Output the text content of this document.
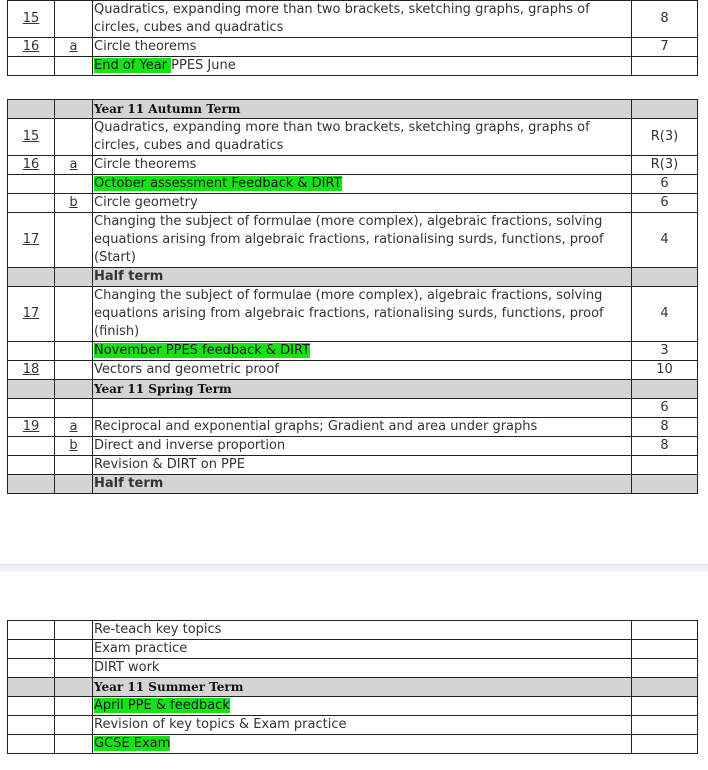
15		Quadratics, expanding more than two brackets, sketching graphs, graphs of circles, cubes and quadratics	8
16	a	Circle theorems	7
		End of Year PPES June	
		Year 11 Autumn Term	
15		Quadratics, expanding more than two brackets, sketching graphs, graphs of circles, cubes and quadratics	R(3)
16	a	Circle theorems	R(3)
		October assessment Feedback & DIRT	6
	b	Circle geometry	6
17		Changing the subject of formulae (more complex), algebraic fractions, solving equations arising from algebraic fractions, rationalising surds, functions, proof (Start)	4
		Half term	
17		Changing the subject of formulae (more complex), algebraic fractions, solving equations arising from algebraic fractions, rationalising surds, functions, proof (finish)	4
		November PPES feedback & DIRT	3
18		Vectors and geometric proof	10
		Year 11 Spring Term	
			6
19	a	Reciprocal and exponential graphs; Gradient and area under graphs	8
	b	Direct and inverse proportion	8
		Revision & DIRT on PPE	
		Half term	
		Re-teach key topics	
		Exam practice	
		DIRT work	
		Year 11 Summer Term	
		April PPE & feedback	
		Revision of key topics & Exam practice	
		GCSE Exam	
